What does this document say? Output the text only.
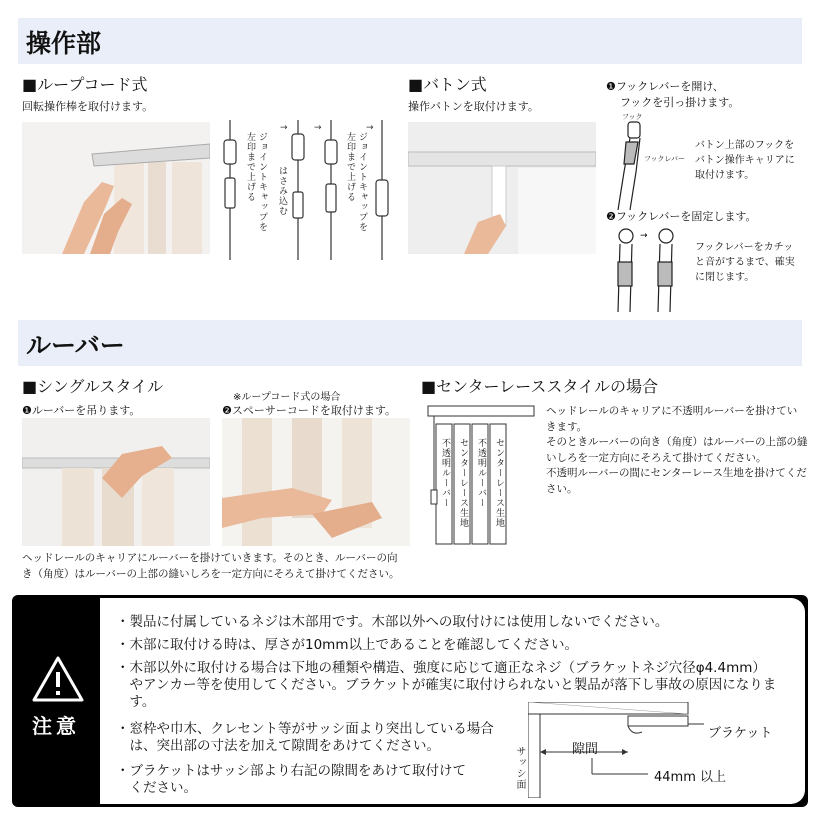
操作部
■ループコード式
回転操作棒を取付けます。
→	→	→
ジョイントキャップを
左印まで上げる はさみ込む	ジョイントキャップを
左印まで上げる
■バトン式
操作バトンを取付けます。
❶フックレバーを開け、
フックを引っ掛けます。
フック
フックレバー
バトン上部のフックを
バトン操作キャリアに
取付けます。
❷フックレバーを固定します。
→
フックレバーをカチッ
と音がするまで、確実
に閉じます。
ルーバー
■シングルスタイル
❶ルーバーを吊ります。
※ループコード式の場合
❷スペーサーコードを取付けます。
ヘッドレールのキャリアにルーバーを掛けていきます。そのとき、ルーバーの向
き（角度）はルーバーの上部の縫いしろを一定方向にそろえて掛けてください。
■センターレーススタイルの場合
不透明ルーバー センターレース生地 不透明ルーバー センターレース生地
ヘッドレールのキャリアに不透明ルーバーを掛けてい
きます。
そのときルーバーの向き（角度）はルーバーの上部の縫
いしろを一定方向にそろえて掛けてください。
不透明ルーバーの間にセンターレース生地を掛けてくだ
さい。
注意
・製品に付属しているネジは木部用です。木部以外への取付けには使用しないでください。
・木部に取付ける時は、厚さが10mm以上であることを確認してください。
・木部以外に取付ける場合は下地の種類や構造、強度に応じて適正なネジ（ブラケットネジ穴径φ4.4mm）
　やアンカー等を使用してください。ブラケットが確実に取付けられないと製品が落下し事故の原因になりま
　す。
・窓枠や巾木、クレセント等がサッシ面より突出している場合
　は、突出部の寸法を加えて隙間をあけてください。
・ブラケットはサッシ部より右記の隙間をあけて取付けて
　ください。
ブラケット
隙間
サッシ面	44mm 以上
